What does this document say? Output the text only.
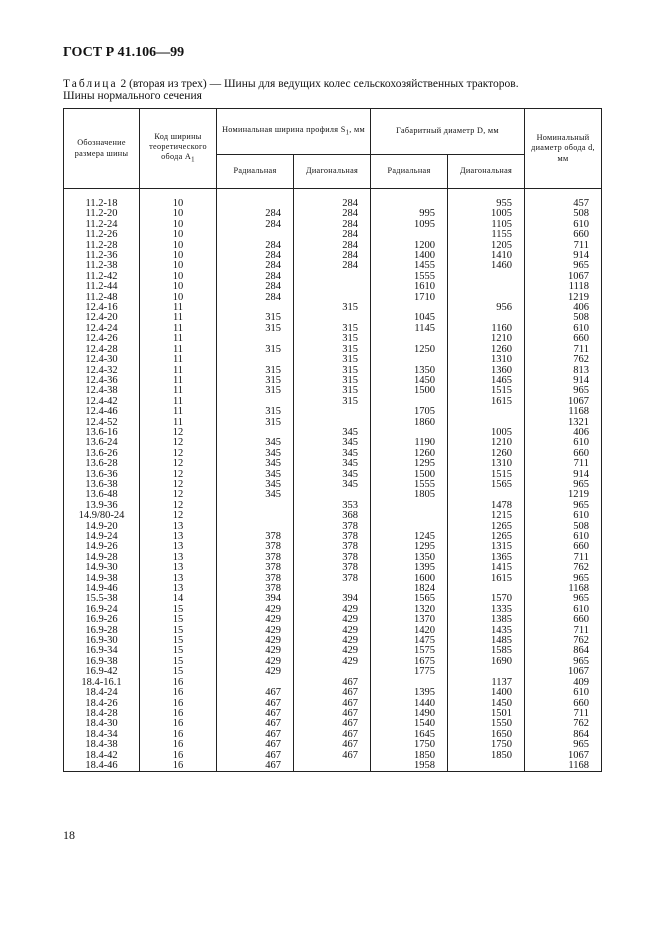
ГОСТ Р 41.106—99
Таблица 2 (вторая из трех) — Шины для ведущих колес сельскохозяйственных тракторов.
Шины нормального сечения
Обозначение размера шины	Код ширины теоретического обода $A_1$	Номинальная ширина профиля $S_1$, мм		Габаритный диаметр D, мм		Номинальный диаметр обода d, мм
		Радиальная	Диагональная	Радиальная	Диагональная	

11.2-18	10		284		955	457
11.2-20	10	284	284	995	1005	508
11.2-24	10	284	284	1095	1105	610
11.2-26	10		284		1155	660
11.2-28	10	284	284	1200	1205	711
11.2-36	10	284	284	1400	1410	914
11.2-38	10	284	284	1455	1460	965
11.2-42	10	284		1555		1067
11.2-44	10	284		1610		1118
11.2-48	10	284		1710		1219
12.4-16	11		315		956	406
12.4-20	11	315		1045		508
12.4-24	11	315	315	1145	1160	610
12.4-26	11		315		1210	660
12.4-28	11	315	315	1250	1260	711
12.4-30	11		315		1310	762
12.4-32	11	315	315	1350	1360	813
12.4-36	11	315	315	1450	1465	914
12.4-38	11	315	315	1500	1515	965
12.4-42	11		315		1615	1067
12.4-46	11	315		1705		1168
12.4-52	11	315		1860		1321
13.6-16	12		345		1005	406
13.6-24	12	345	345	1190	1210	610
13.6-26	12	345	345	1260	1260	660
13.6-28	12	345	345	1295	1310	711
13.6-36	12	345	345	1500	1515	914
13.6-38	12	345	345	1555	1565	965
13.6-48	12	345		1805		1219
13.9-36	12		353		1478	965
14.9/80-24	12		368		1215	610
14.9-20	13		378		1265	508
14.9-24	13	378	378	1245	1265	610
14.9-26	13	378	378	1295	1315	660
14.9-28	13	378	378	1350	1365	711
14.9-30	13	378	378	1395	1415	762
14.9-38	13	378	378	1600	1615	965
14.9-46	13	378		1824		1168
15.5-38	14	394	394	1565	1570	965
16.9-24	15	429	429	1320	1335	610
16.9-26	15	429	429	1370	1385	660
16.9-28	15	429	429	1420	1435	711
16.9-30	15	429	429	1475	1485	762
16.9-34	15	429	429	1575	1585	864
16.9-38	15	429	429	1675	1690	965
16.9-42	15	429		1775		1067
18.4-16.1	16		467		1137	409
18.4-24	16	467	467	1395	1400	610
18.4-26	16	467	467	1440	1450	660
18.4-28	16	467	467	1490	1501	711
18.4-30	16	467	467	1540	1550	762
18.4-34	16	467	467	1645	1650	864
18.4-38	16	467	467	1750	1750	965
18.4-42	16	467	467	1850	1850	1067
18.4-46	16	467		1958		1168
18
